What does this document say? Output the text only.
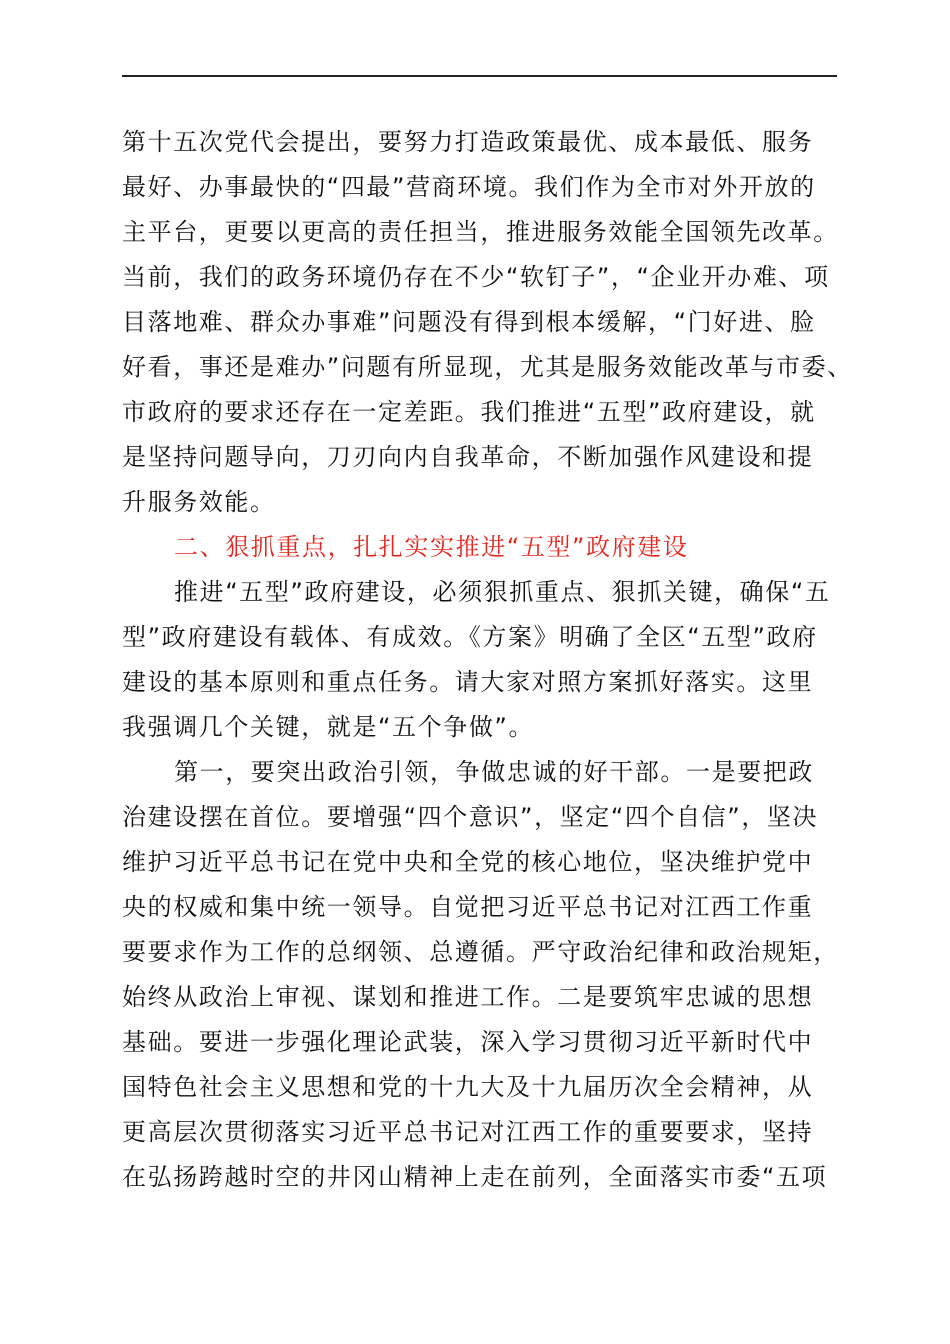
第十五次党代会提出，要努力打造政策最优、成本最低、服务
最好、办事最快的“四最”营商环境。我们作为全市对外开放的
主平台，更要以更高的责任担当，推进服务效能全国领先改革。
当前，我们的政务环境仍存在不少“软钉子”，“企业开办难、项
目落地难、群众办事难”问题没有得到根本缓解，“门好进、脸
好看，事还是难办”问题有所显现，尤其是服务效能改革与市委、
市政府的要求还存在一定差距。我们推进“五型”政府建设，就
是坚持问题导向，刀刃向内自我革命，不断加强作风建设和提
升服务效能。

二、狠抓重点，扎扎实实推进“五型”政府建设

推进“五型”政府建设，必须狠抓重点、狠抓关键，确保“五
型”政府建设有载体、有成效。《方案》明确了全区“五型”政府
建设的基本原则和重点任务。请大家对照方案抓好落实。这里
我强调几个关键，就是“五个争做”。

第一，要突出政治引领，争做忠诚的好干部。一是要把政
治建设摆在首位。要增强“四个意识”，坚定“四个自信”，坚决
维护习近平总书记在党中央和全党的核心地位，坚决维护党中
央的权威和集中统一领导。自觉把习近平总书记对江西工作重
要要求作为工作的总纲领、总遵循。严守政治纪律和政治规矩，
始终从政治上审视、谋划和推进工作。二是要筑牢忠诚的思想
基础。要进一步强化理论武装，深入学习贯彻习近平新时代中
国特色社会主义思想和党的十九大及十九届历次全会精神，从
更高层次贯彻落实习近平总书记对江西工作的重要要求，坚持
在弘扬跨越时空的井冈山精神上走在前列，全面落实市委“五项
